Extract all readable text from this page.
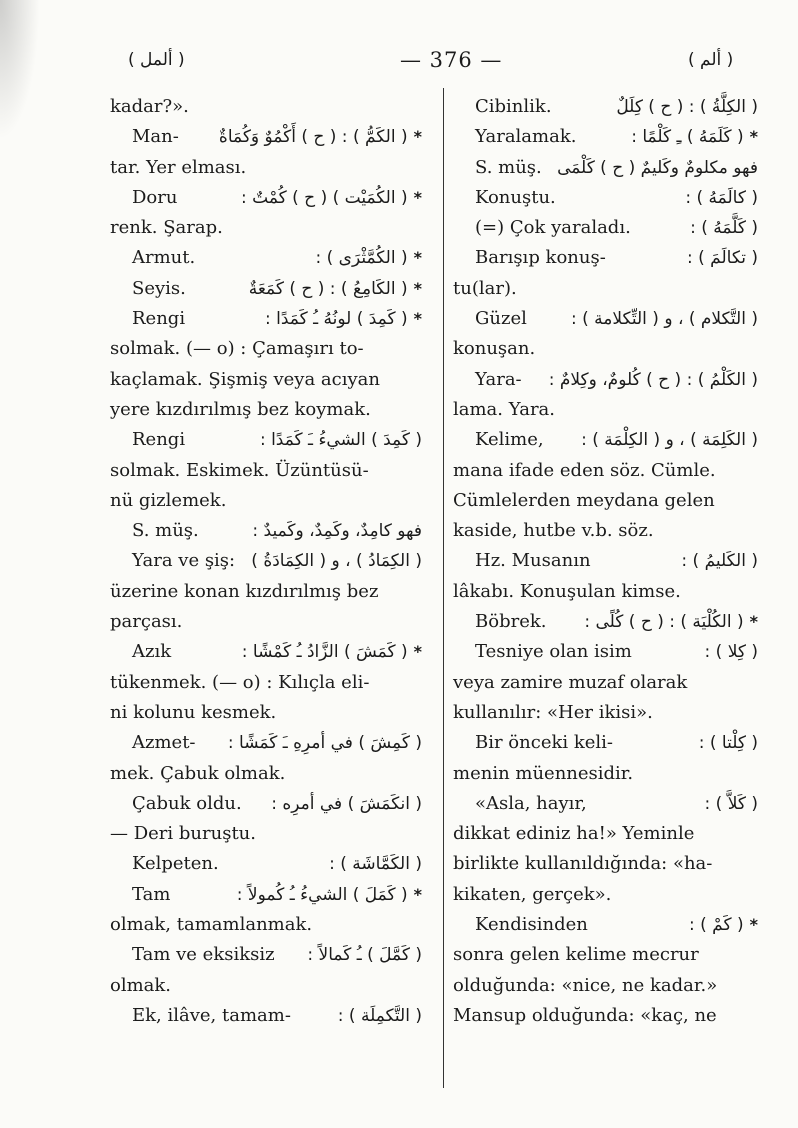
( ألمل )	— 376 —	( ألم )
kadar?».
Man- ( الكَمُّ ) : ( ح ) أَكْمُوٌ وَكُمَاةٌ *
tar. Yer elması.
Doru	( الكُمَيْت ) ( ح ) كُمْتٌ : *
renk. Şarap.
Armut.	( الكُمَّثْرَى ) : *
Seyis.	( الكَامِعُ ) : ( ح ) كَمَعَةٌ *
Rengi	( كَمِدَ ) لونُهُ ـُ كَمَدًا : *
solmak. (— o) : Çamaşırı to-
kaçlamak. Şişmiş veya acıyan
yere kızdırılmış bez koymak.
Rengi	( كَمِدَ ) الشيءُ ـَ كَمَدًا :
solmak. Eskimek. Üzüntüsü-
nü gizlemek.
S. müş.	فهو كامِدٌ، وكَمِدٌ، وكَميدٌ :
Yara ve şiş: ( الكِمَادُ ) ، و ( الكِمَادَةُ )
üzerine konan kızdırılmış bez
parçası.
Azık	( كَمَشَ ) الزَّادُ ـُ كَمْشًا : *
tükenmek. (— o) : Kılıçla eli-
ni kolunu kesmek.
Azmet- ( كَمِشَ ) في أمرِهِ ـَ كَمَشًا :
mek. Çabuk olmak.
Çabuk oldu. ( انكَمَشَ ) في أمرِه :
— Deri buruştu.
Kelpeten.	( الكَمَّاشَة ) :
Tam	( كَمَلَ ) الشيءُ ـُ كُمولاً : *
olmak, tamamlanmak.
Tam ve eksiksiz ( كَمَّلَ ) ـُ كَمالاً :
olmak.
Ek, ilâve, tamam-	( التَّكمِلَة ) :
Cibinlik.	( الكِلَّةُ ) : ( ح ) كِلَلٌ
Yaralamak.	( كَلَمَهُ ) ـِ كَلْمًا : *
S. müş. فهو مكلومٌ وكَليمٌ ( ح ) كَلْمَى
Konuştu.	( كالَمَهُ ) :
(=) Çok yaraladı.	( كَلَّمَهُ ) :
Barışıp konuş-	( تكالَمَ ) :
tu(lar).
Güzel	( التَّكلام ) ، و ( التِّكلامة ) :
konuşan.
Yara- ( الكَلْمُ ) : ( ح ) كُلومٌ، وكِلامٌ :
lama. Yara.
Kelime, ( الكَلِمَة ) ، و ( الكِلْمَة ) :
mana ifade eden söz. Cümle.
Cümlelerden meydana gelen
kaside, hutbe v.b. söz.
Hz. Musanın	( الكَليمُ ) :
lâkabı. Konuşulan kimse.
Böbrek. ( الكُلْيَة ) : ( ح ) كُلًى : *
Tesniye olan isim	( كِلا ) :
veya zamire muzaf olarak
kullanılır: «Her ikisi».
Bir önceki keli-	( كِلْتا ) :
menin müennesidir.
«Asla, hayır,	( كَلاَّ ) :
dikkat ediniz ha!» Yeminle
birlikte kullanıldığında: «ha-
kikaten, gerçek».
Kendisinden	( كَمْ ) : *
sonra gelen kelime mecrur
olduğunda: «nice, ne kadar.»
Mansup olduğunda: «kaç, ne
